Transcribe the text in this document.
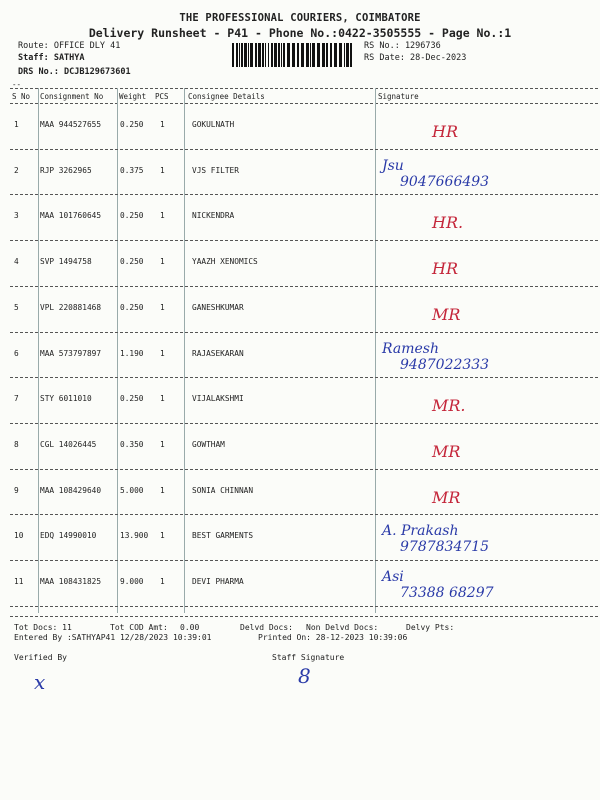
THE PROFESSIONAL COURIERS, COIMBATORE
Delivery Runsheet - P41 - Phone No.:0422-3505555 - Page No.:1
Route: OFFICE DLY 41
Staff: SATHYA
DRS No.: DCJB129673601
RS No.: 1296736
RS Date: 28-Dec-2023
--
S No Consignment No Weight PCS	Consignee Details	Signature
1	MAA 944527655 0.250 1	GOKULNATH	HR
2	RJP 3262965	0.375 1	VJS FILTER	Jsu
9047666493
3	MAA 101760645 0.250 1	NICKENDRA	HR.
4	SVP 1494758	0.250 1	YAAZH XENOMICS	HR
5	VPL 220881468 0.250 1	GANESHKUMAR	MR
6	MAA 573797897 1.190 1	RAJASEKARAN	Ramesh
9487022333
7	STY 6011010	0.250 1	VIJALAKSHMI	MR.
8	CGL 14026445	0.350 1	GOWTHAM	MR
9	MAA 108429640 5.000 1	SONIA CHINNAN	MR
10 EDQ 14990010	13.900 1	BEST GARMENTS	A. Prakash
9787834715
11 MAA 108431825 9.000 1	DEVI PHARMA	Asi
73388 68297
Tot Docs: 11	Tot COD Amt: 0.00	Delvd Docs: Non Delvd Docs:	Delvy Pts:
Entered By :SATHYAP41 12/28/2023 10:39:01	Printed On: 28-12-2023 10:39:06
Verified By	Staff Signature
x	8
